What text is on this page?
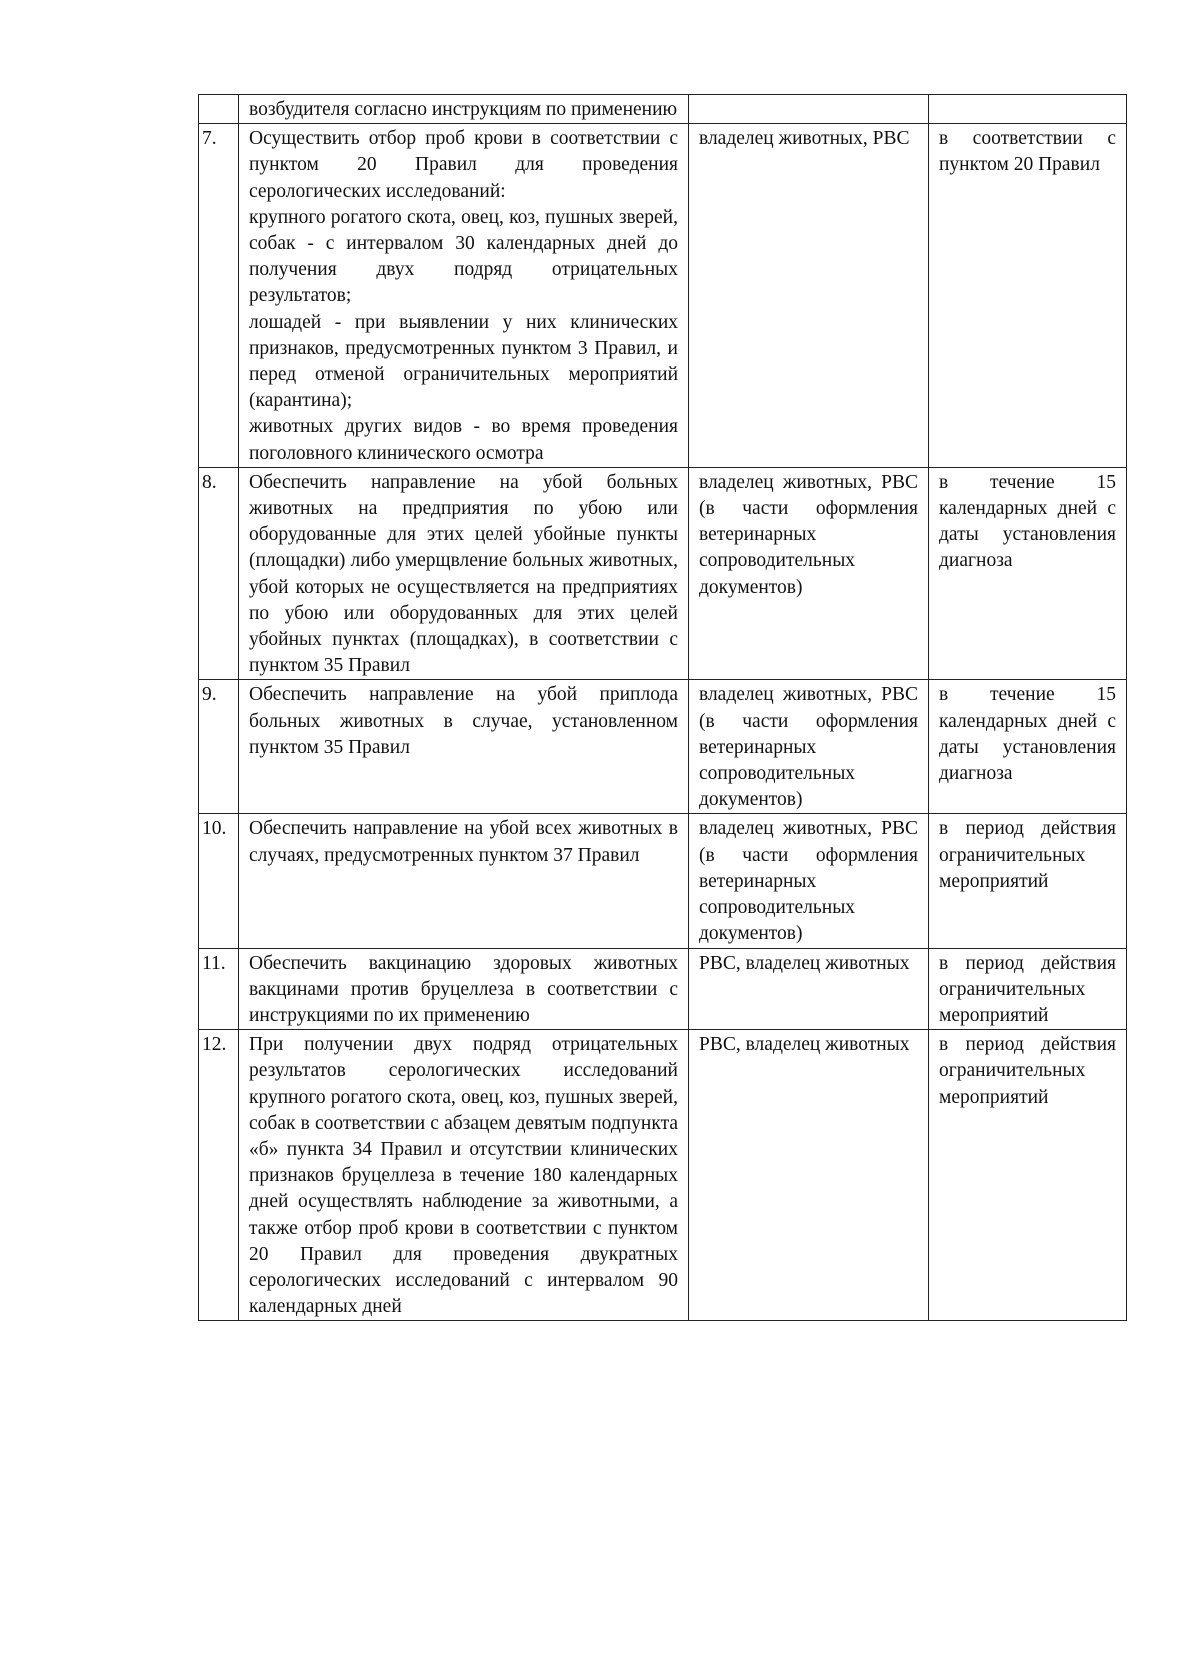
	возбудителя согласно инструкциям по применению		

7.	Осуществить отбор проб крови в соответствии с пунктом 20 Правил для проведения серологических исследований:
крупного рогатого скота, овец, коз, пушных зверей, собак - с интервалом 30 календарных дней до получения двух подряд отрицательных результатов;
лошадей - при выявлении у них клинических признаков, предусмотренных пунктом 3 Правил, и перед отменой ограничительных мероприятий (карантина);
животных других видов - во время проведения поголовного клинического осмотра	владелец животных, РВС	в соответствии с пунктом 20 Правил
8.	Обеспечить направление на убой больных животных на предприятия по убою или оборудованные для этих целей убойные пункты (площадки) либо умерщвление больных животных, убой которых не осуществляется на предприятиях по убою или оборудованных для этих целей убойных пунктах (площадках), в соответствии с пунктом 35 Правил	владелец животных, РВС (в части оформления ветеринарных сопроводительных документов)	в течение 15 календарных дней с даты установления диагноза
9.	Обеспечить направление на убой приплода больных животных в случае, установленном пунктом 35 Правил	владелец животных, РВС (в части оформления ветеринарных сопроводительных документов)	в течение 15 календарных дней с даты установления диагноза
10.	Обеспечить направление на убой всех животных в случаях, предусмотренных пунктом 37 Правил	владелец животных, РВС (в части оформления ветеринарных сопроводительных документов)	в период действия ограничительных мероприятий
11.	Обеспечить вакцинацию здоровых животных вакцинами против бруцеллеза в соответствии с инструкциями по их применению	РВС, владелец животных	в период действия ограничительных мероприятий
12.	При получении двух подряд отрицательных результатов серологических исследований крупного рогатого скота, овец, коз, пушных зверей, собак в соответствии с абзацем девятым подпункта «б» пункта 34 Правил и отсутствии клинических признаков бруцеллеза в течение 180 календарных дней осуществлять наблюдение за животными, а также отбор проб крови в соответствии с пунктом 20 Правил для проведения двукратных серологических исследований с интервалом 90 календарных дней	РВС, владелец животных	в период действия ограничительных мероприятий
